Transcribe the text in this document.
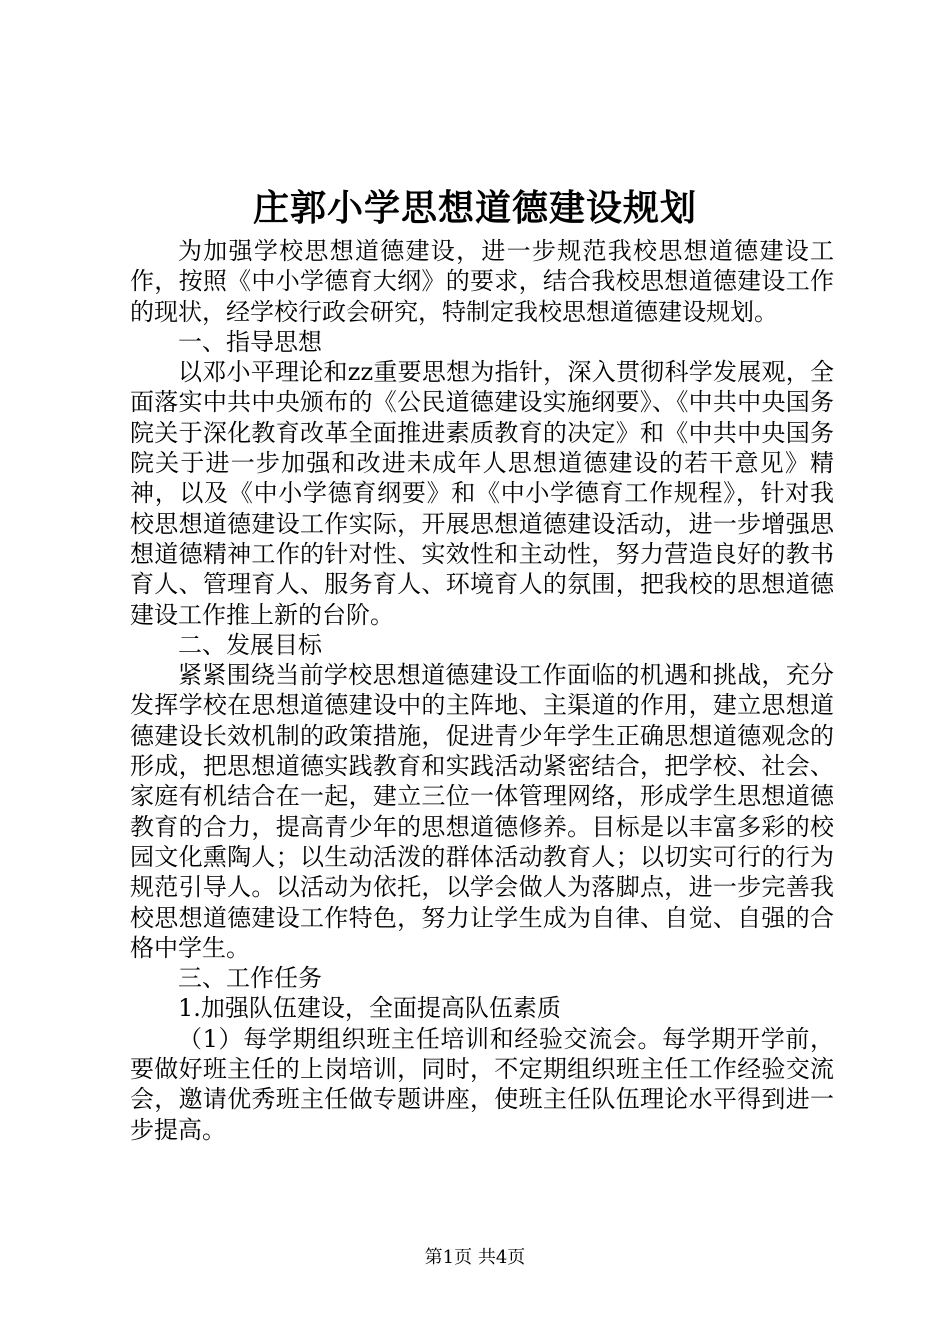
庄郭小学思想道德建设规划

为加强学校思想道德建设，进一步规范我校思想道德建设工作，按照《中小学德育大纲》的要求，结合我校思想道德建设工作的现状，经学校行政会研究，特制定我校思想道德建设规划。

一、指导思想

以邓小平理论和zz重要思想为指针，深入贯彻科学发展观，全面落实中共中央颁布的《公民道德建设实施纲要》、《中共中央国务院关于深化教育改革全面推进素质教育的决定》和《中共中央国务院关于进一步加强和改进未成年人思想道德建设的若干意见》精神，以及《中小学德育纲要》和《中小学德育工作规程》，针对我校思想道德建设工作实际，开展思想道德建设活动，进一步增强思想道德精神工作的针对性、实效性和主动性，努力营造良好的教书育人、管理育人、服务育人、环境育人的氛围，把我校的思想道德建设工作推上新的台阶。

二、发展目标

紧紧围绕当前学校思想道德建设工作面临的机遇和挑战，充分发挥学校在思想道德建设中的主阵地、主渠道的作用，建立思想道德建设长效机制的政策措施，促进青少年学生正确思想道德观念的形成，把思想道德实践教育和实践活动紧密结合，把学校、社会、家庭有机结合在一起，建立三位一体管理网络，形成学生思想道德教育的合力，提高青少年的思想道德修养。目标是以丰富多彩的校园文化熏陶人；以生动活泼的群体活动教育人；以切实可行的行为规范引导人。以活动为依托，以学会做人为落脚点，进一步完善我校思想道德建设工作特色，努力让学生成为自律、自觉、自强的合格中学生。

三、工作任务

1.加强队伍建设，全面提高队伍素质

（1）每学期组织班主任培训和经验交流会。每学期开学前，要做好班主任的上岗培训，同时，不定期组织班主任工作经验交流会，邀请优秀班主任做专题讲座，使班主任队伍理论水平得到进一步提高。

第1页 共4页
